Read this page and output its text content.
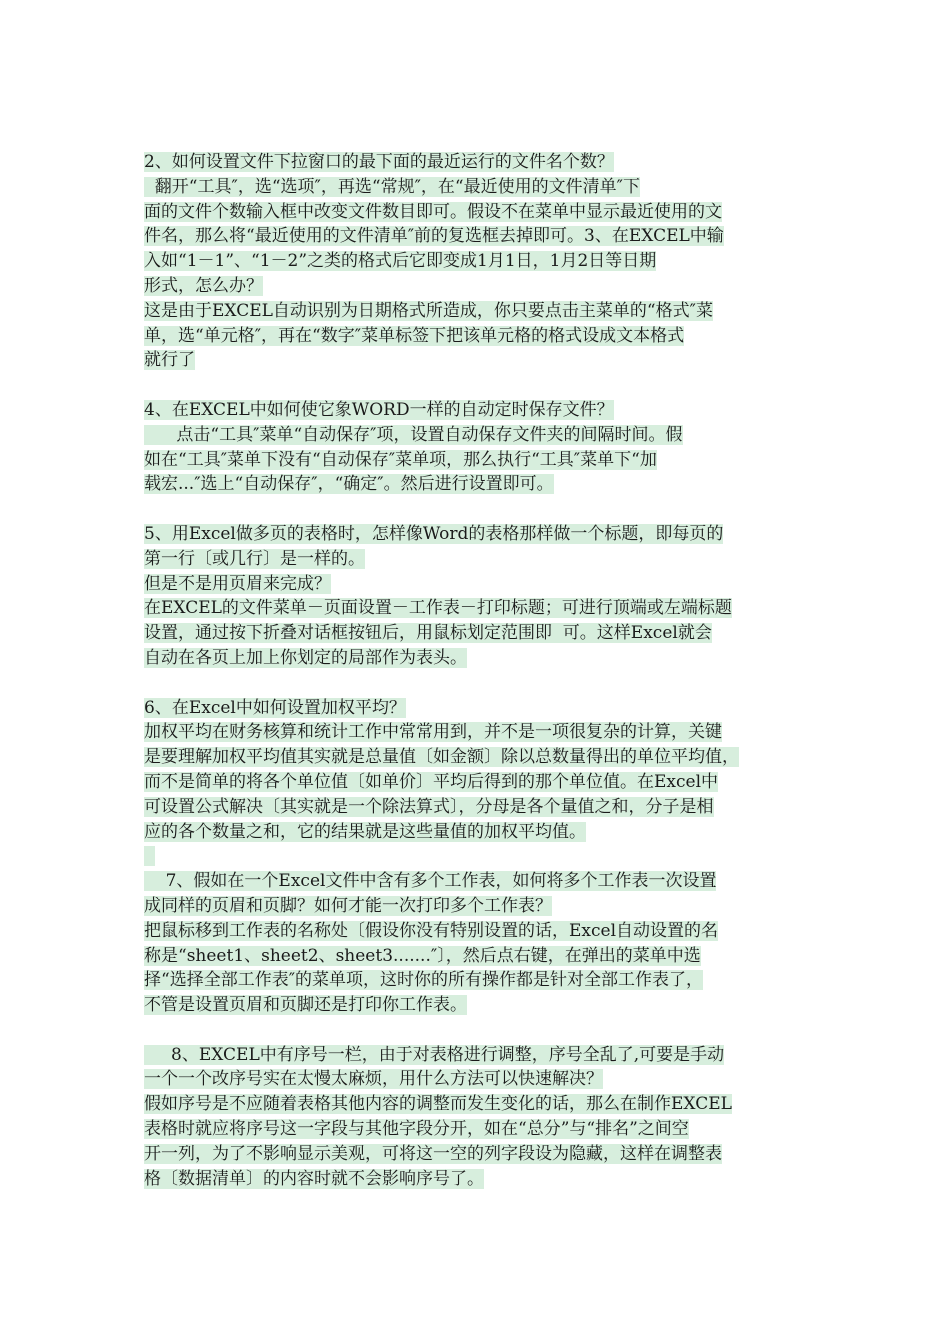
2、如何设置文件下拉窗口的最下面的最近运行的文件名个数？
翻开“工具″，选“选项″，再选“常规″，在“最近使用的文件清单″下
面的文件个数输入框中改变文件数目即可。假设不在菜单中显示最近使用的文
件名，那么将“最近使用的文件清单″前的复选框去掉即可。3、在EXCEL中输
入如“1－1”、“1－2”之类的格式后它即变成1月1日，1月2日等日期
形式，怎么办？
这是由于EXCEL自动识别为日期格式所造成，你只要点击主菜单的“格式″菜
单，选“单元格″，再在“数字″菜单标签下把该单元格的格式设成文本格式
就行了
4、在EXCEL中如何使它象WORD一样的自动定时保存文件？
点击“工具″菜单“自动保存″项，设置自动保存文件夹的间隔时间。假
如在“工具″菜单下没有“自动保存″菜单项，那么执行“工具″菜单下“加
载宏...″选上“自动保存″，“确定″。然后进行设置即可。
5、用Excel做多页的表格时，怎样像Word的表格那样做一个标题，即每页的
第一行〔或几行〕是一样的。
但是不是用页眉来完成？
在EXCEL的文件菜单－页面设置－工作表－打印标题；可进行顶端或左端标题
设置，通过按下折叠对话框按钮后，用鼠标划定范围即  可。这样Excel就会
自动在各页上加上你划定的局部作为表头。
6、在Excel中如何设置加权平均？
加权平均在财务核算和统计工作中常常用到，并不是一项很复杂的计算，关键
是要理解加权平均值其实就是总量值〔如金额〕除以总数量得出的单位平均值，
而不是简单的将各个单位值〔如单价〕平均后得到的那个单位值。在Excel中
可设置公式解决〔其实就是一个除法算式〕，分母是各个量值之和，分子是相
应的各个数量之和，它的结果就是这些量值的加权平均值。

7、假如在一个Excel文件中含有多个工作表，如何将多个工作表一次设置
成同样的页眉和页脚？如何才能一次打印多个工作表？
把鼠标移到工作表的名称处〔假设你没有特别设置的话，Excel自动设置的名
称是“sheet1、sheet2、sheet3.......″〕，然后点右键，在弹出的菜单中选
择“选择全部工作表″的菜单项，这时你的所有操作都是针对全部工作表了，
不管是设置页眉和页脚还是打印你工作表。
8、EXCEL中有序号一栏，由于对表格进行调整，序号全乱了,可要是手动
一个一个改序号实在太慢太麻烦，用什么方法可以快速解决？
假如序号是不应随着表格其他内容的调整而发生变化的话，那么在制作EXCEL
表格时就应将序号这一字段与其他字段分开，如在“总分”与“排名”之间空
开一列，为了不影响显示美观，可将这一空的列字段设为隐藏，这样在调整表
格〔数据清单〕的内容时就不会影响序号了。
